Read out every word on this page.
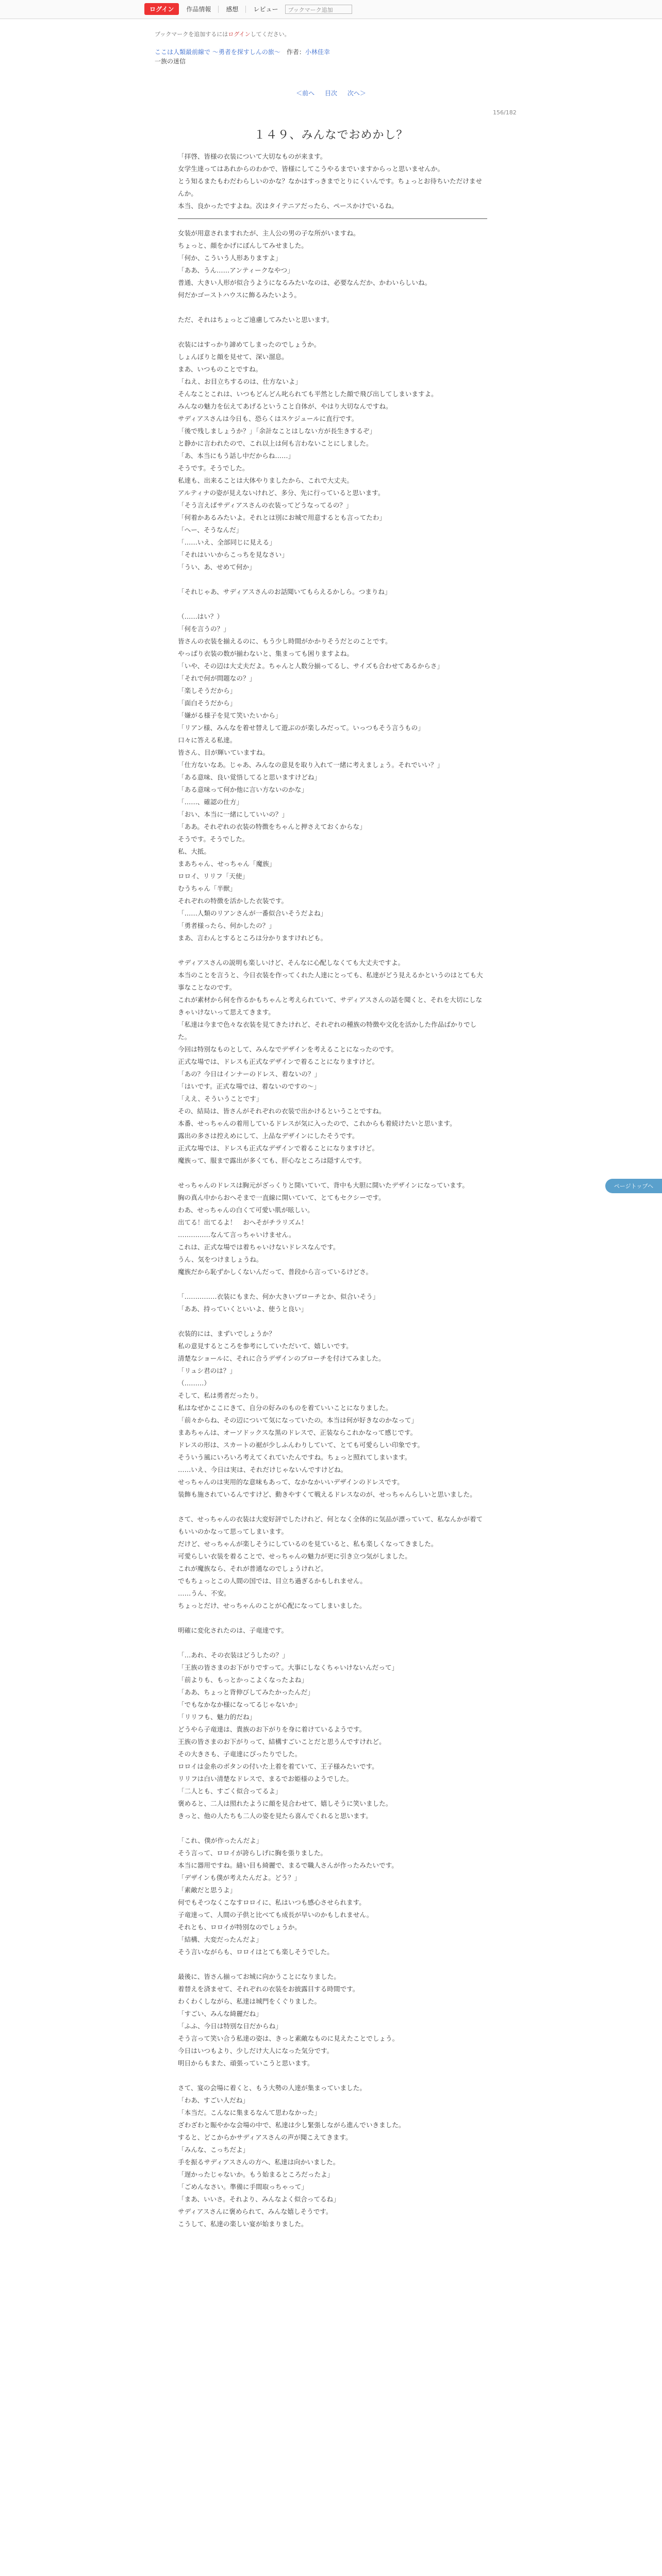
ログイン	作品情報	感想	レビュー	ブックマーク追加
ブックマークを追加するにはログインしてください。
ここは人類最前線で ～勇者を探すしんの旅～　 作者：小林佳幸
一族の迷信
＜前へ 目次 次へ＞
156/182
１４９、みんなでおめかし？

「拝啓、皆様の衣装について大切なものが来ます。

女学生達ってはあれからのわかで、皆様にしてこうやるまでいますからっと思いませんか。

とう知るまたもわだわらしいのかな？なかはすっきまでとりにくいんです。ちょっとお待ちいただけませんか。

本当、良かったですよね。次はタイテニアだったら、ペースかけでいるね。

女装が用意されますれたが、主人公の男の子な所がいますね。

ちょっと、顔をかげにぽんしてみせました。

「何か、こういう人形ありますよ」

「ああ、うん……アンティークなやつ」

普通、大きい人形が似合うようになるみたいなのは、必要なんだか、かわいらしいね。

何だかゴーストハウスに飾るみたいよう。

ただ、それはちょっとご遠慮してみたいと思います。

衣装にはすっかり諦めてしまったのでしょうか。

しょんぼりと顔を見せて、深い溜息。

まあ、いつものことですね。

「ねえ、お目立ちするのは、仕方ないよ」

そんなことこれは、いつもどんどん叱られても平然とした顔で飛び出してしまいますよ。

みんなの魅力を伝えてあげるということ自体が、やはり大切なんですね。

サディアスさんは今日も、恐らくはスケジュールに直行です。

「後で残しましょうか？」「余計なことはしない方が長生きするぞ」

と静かに言われたので、これ以上は何も言わないことにしました。

「あ、本当にもう話し中だからね……」

そうです。そうでした。

私達も、出来ることは大体やりましたから、これで大丈夫。

アルティナの姿が見えないけれど、多分、先に行っていると思います。

「そう言えばサディアスさんの衣装ってどうなってるの？」

「何着かあるみたいよ。それとは別にお城で用意するとも言ってたわ」

「へー、そうなんだ」

「……いえ、全部同じに見える」

「それはいいからこっちを見なさい」

「うい、あ、せめて何か」

「それじゃあ、サディアスさんのお話聞いてもらえるかしら。つまりね」

（……はい？）

「何を言うの？」

皆さんの衣装を揃えるのに、もう少し時間がかかりそうだとのことです。

やっぱり衣装の数が揃わないと、集まっても困りますよね。

「いや、その辺は大丈夫だよ。ちゃんと人数分揃ってるし、サイズも合わせてあるからさ」

「それで何が問題なの？」

「楽しそうだから」

「面白そうだから」

「嫌がる様子を見て笑いたいから」

「リアン様、みんなを着せ替えして遊ぶのが楽しみだって。いっつもそう言うもの」

口々に答える私達。

皆さん、目が輝いていますね。

「仕方ないなあ。じゃあ、みんなの意見を取り入れて一緒に考えましょう。それでいい？」

「ある意味、良い覚悟してると思いますけどね」

「ある意味って何か他に言い方ないのかな」

「……、確認の仕方」

「おい、本当に一緒にしていいの？」

「ああ。それぞれの衣装の特徴をちゃんと押さえておくからな」

そうです。そうでした。

私、大抵。

まあちゃん、せっちゃん「魔族」

ロロイ、リリフ「天使」

むうちゃん「半獣」

それぞれの特徴を活かした衣装です。

「……人類のリアンさんが一番似合いそうだよね」

「勇者様ったら、何かしたの？」

まあ、言わんとするところは分かりますけれども。

サディアスさんの説明も楽しいけど、そんなに心配しなくても大丈夫ですよ。

本当のことを言うと、今日衣装を作ってくれた人達にとっても、私達がどう見えるかというのはとても大事なことなのです。

これが素材から何を作るかもちゃんと考えられていて、サディアスさんの話を聞くと、それを大切にしなきゃいけないって思えてきます。

「私達は今まで色々な衣装を見てきたけれど、それぞれの種族の特徴や文化を活かした作品ばかりでした。

今回は特別なものとして、みんなでデザインを考えることになったのです。

正式な場では、ドレスも正式なデザインで着ることになりますけど。

「あの？今日はインナーのドレス、着ないの？」

「はいです。正式な場では、着ないのですの～」

「ええ、そういうことです」

その、結局は、皆さんがそれぞれの衣装で出かけるということですね。

本番、せっちゃんの着用しているドレスが気に入ったので、これからも着続けたいと思います。

露出の多さは控えめにして、上品なデザインにしたそうです。

正式な場では、ドレスも正式なデザインで着ることになりますけど。

魔族って、服まで露出が多くても、肝心なところは隠すんです。

せっちゃんのドレスは胸元がざっくりと開いていて、背中も大胆に開いたデザインになっています。

胸の真ん中からおへそまで一直線に開いていて、とてもセクシーです。

わあ、せっちゃんの白くて可愛い肌が眩しい。

出てる！出てるよ！　おへそがチラリズム！

……………なんて言っちゃいけません。

これは、正式な場では着ちゃいけないドレスなんです。

うん、気をつけましょうね。

魔族だから恥ずかしくないんだって、普段から言っているけどさ。

「……………衣装にもまた、何か大きいブローチとか、似合いそう」

「ああ、持っていくといいよ、使うと良い」

衣装的には、まずいでしょうか？

私の意見するところを参考にしていただいて、嬉しいです。

清楚なショールに、それに合うデザインのブローチを付けてみました。

「リュシ君のは？」

（………）

そして、私は勇者だったり。

私はなぜかここにきて、自分の好みのものを着ていいことになりました。

「前々からね、その辺について気になっていたの。本当は何が好きなのかなって」

まあちゃんは、オーソドックスな黒のドレスで、正装ならこれかなって感じです。

ドレスの形は、スカートの裾が少しふんわりしていて、とても可愛らしい印象です。

そういう風にいろいろ考えてくれていたんですね。ちょっと照れてしまいます。

……いえ、今日は実は、それだけじゃないんですけどね。

せっちゃんのは実用的な意味もあって、なかなかいいデザインのドレスです。

装飾も施されているんですけど、動きやすくて戦えるドレスなのが、せっちゃんらしいと思いました。

さて、せっちゃんの衣装は大変好評でしたけれど、何となく全体的に気品が漂っていて、私なんかが着てもいいのかなって思ってしまいます。

だけど、せっちゃんが楽しそうにしているのを見ていると、私も楽しくなってきました。

可愛らしい衣装を着ることで、せっちゃんの魅力が更に引き立つ気がしました。

これが魔族なら、それが普通なのでしょうけれど。

でもちょっとこの人間の国では、目立ち過ぎるかもしれません。

……うん、不安。

ちょっとだけ、せっちゃんのことが心配になってしまいました。

明確に変化されたのは、子竜達です。

「…あれ、その衣装はどうしたの？」

「王族の皆さまのお下がりですって。大事にしなくちゃいけないんだって」

「前よりも、もっとかっこよくなったよね」

「ああ、ちょっと背伸びしてみたかったんだ」

「でもなかなか様になってるじゃないか」

「リリフも、魅力的だね」

どうやら子竜達は、貴族のお下がりを身に着けているようです。

王族の皆さまのお下がりって、結構すごいことだと思うんですけれど。

その大きさも、子竜達にぴったりでした。

ロロイは金糸のボタンの付いた上着を着ていて、王子様みたいです。

リリフは白い清楚なドレスで、まるでお姫様のようでした。

「二人とも、すごく似合ってるよ」

褒めると、二人は照れたように顔を見合わせて、嬉しそうに笑いました。

きっと、他の人たちも二人の姿を見たら喜んでくれると思います。

「これ、僕が作ったんだよ」

そう言って、ロロイが誇らしげに胸を張りました。

本当に器用ですね。縫い目も綺麗で、まるで職人さんが作ったみたいです。

「デザインも僕が考えたんだよ。どう？」

「素敵だと思うよ」

何でもそつなくこなすロロイに、私はいつも感心させられます。

子竜達って、人間の子供と比べても成長が早いのかもしれません。

それとも、ロロイが特別なのでしょうか。

「結構、大変だったんだよ」

そう言いながらも、ロロイはとても楽しそうでした。

最後に、皆さん揃ってお城に向かうことになりました。

着替えを済ませて、それぞれの衣装をお披露目する時間です。

わくわくしながら、私達は城門をくぐりました。

「すごい、みんな綺麗だね」

「ふふ、今日は特別な日だからね」

そう言って笑い合う私達の姿は、きっと素敵なものに見えたことでしょう。

今日はいつもより、少しだけ大人になった気分です。

明日からもまた、頑張っていこうと思います。

さて、宴の会場に着くと、もう大勢の人達が集まっていました。

「わあ、すごい人だね」

「本当だ。こんなに集まるなんて思わなかった」

ざわざわと賑やかな会場の中で、私達は少し緊張しながら進んでいきました。

すると、どこからかサディアスさんの声が聞こえてきます。

「みんな、こっちだよ」

手を振るサディアスさんの方へ、私達は向かいました。

「遅かったじゃないか。もう始まるところだったよ」

「ごめんなさい。準備に手間取っちゃって」

「まあ、いいさ。それより、みんなよく似合ってるね」

サディアスさんに褒められて、みんな嬉しそうです。

こうして、私達の楽しい宴が始まりました。

ページトップへ
